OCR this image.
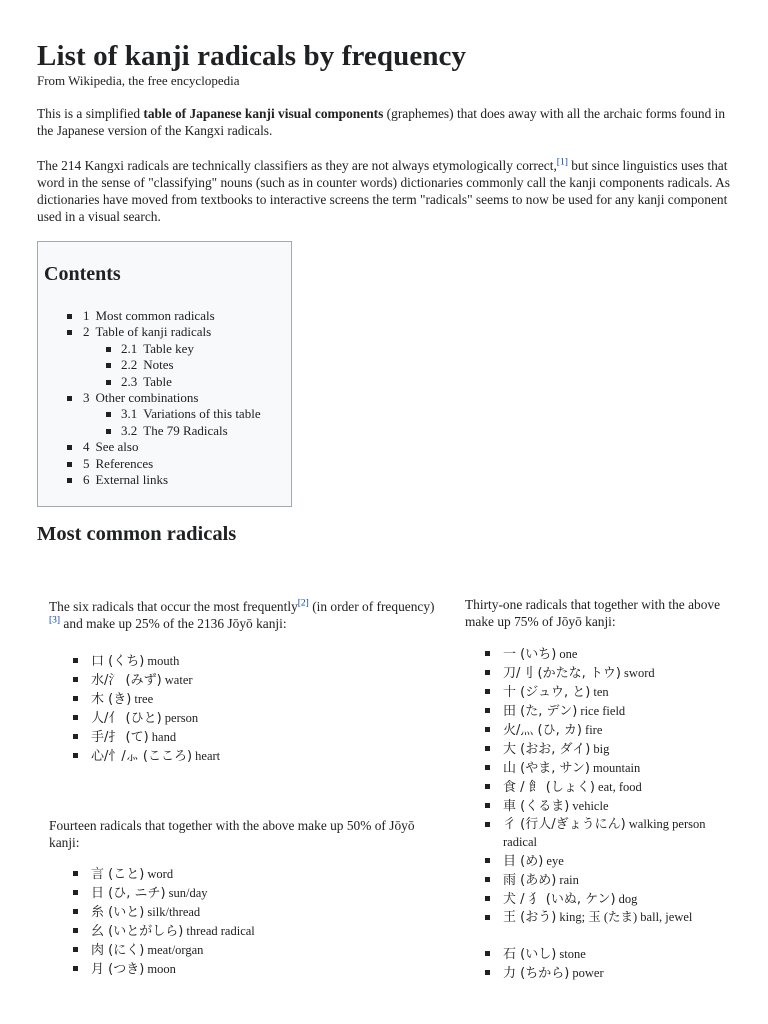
List of kanji radicals by frequency
From Wikipedia, the free encyclopedia

This is a simplified table of Japanese kanji visual components (graphemes) that does away with all the archaic forms found in the Japanese version of the Kangxi radicals.

The 214 Kangxi radicals are technically classifiers as they are not always etymologically correct,[1] but since linguistics uses that word in the sense of "classifying" nouns (such as in counter words) dictionaries commonly call the kanji components radicals. As dictionaries have moved from textbooks to interactive screens the term "radicals" seems to now be used for any kanji component used in a visual search.

Contents
1 Most common radicals
2 Table of kanji radicals
2.1 Table key
2.2 Notes
2.3 Table
3 Other combinations
3.1 Variations of this table
3.2 The 79 Radicals
4 See also
5 References
6 External links
Most common radicals

The six radicals that occur the most frequently[2] (in order of frequency)[3] and make up 25% of the 2136 Jōyō kanji:

口 (くち) mouth
水/氵 (みず) water
木 (き) tree
人/亻 (ひと) person
手/扌 (て) hand
心/忄/⺗ (こころ) heart

Fourteen radicals that together with the above make up 50% of Jōyō kanji:

言 (こと) word
日 (ひ, ニチ) sun/day
糸 (いと) silk/thread
幺 (いとがしら) thread radical
肉 (にく) meat/organ
月 (つき) moon

Thirty-one radicals that together with the above make up 75% of Jōyō kanji:

一 (いち) one
刀/刂 (かたな, トウ) sword
十 (ジュウ, と) ten
田 (た, デン) rice field
火/灬 (ひ, カ) fire
大 (おお, ダイ) big
山 (やま, サン) mountain
食 / 飠 (しょく) eat, food
車 (くるま) vehicle
彳 (行人/ぎょうにん) walking person radical
目 (め) eye
雨 (あめ) rain
犬 / 犭 (いぬ, ケン) dog
王 (おう) king; 玉 (たま) ball, jewel
石 (いし) stone
力 (ちから) power
